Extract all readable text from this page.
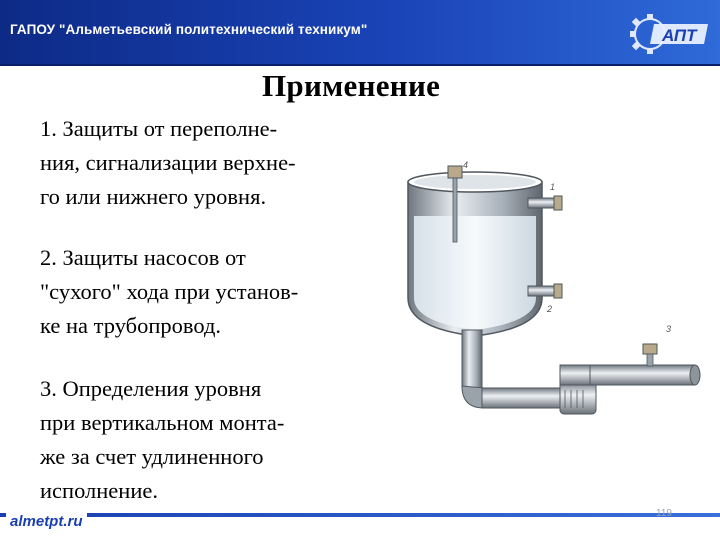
ГАПОУ "Альметьевский политехнический техникум"	АПТ
Применение
1. Защиты от переполне-
ния, сигнализации верхне-
го или нижнего уровня.
2. Защиты насосов от
"сухого" хода при установ-
ке на трубопровод.
3. Определения уровня
при вертикальном монта-
же за счет удлиненного
исполнение.
4
1
2
3
almetpt.ru	119
